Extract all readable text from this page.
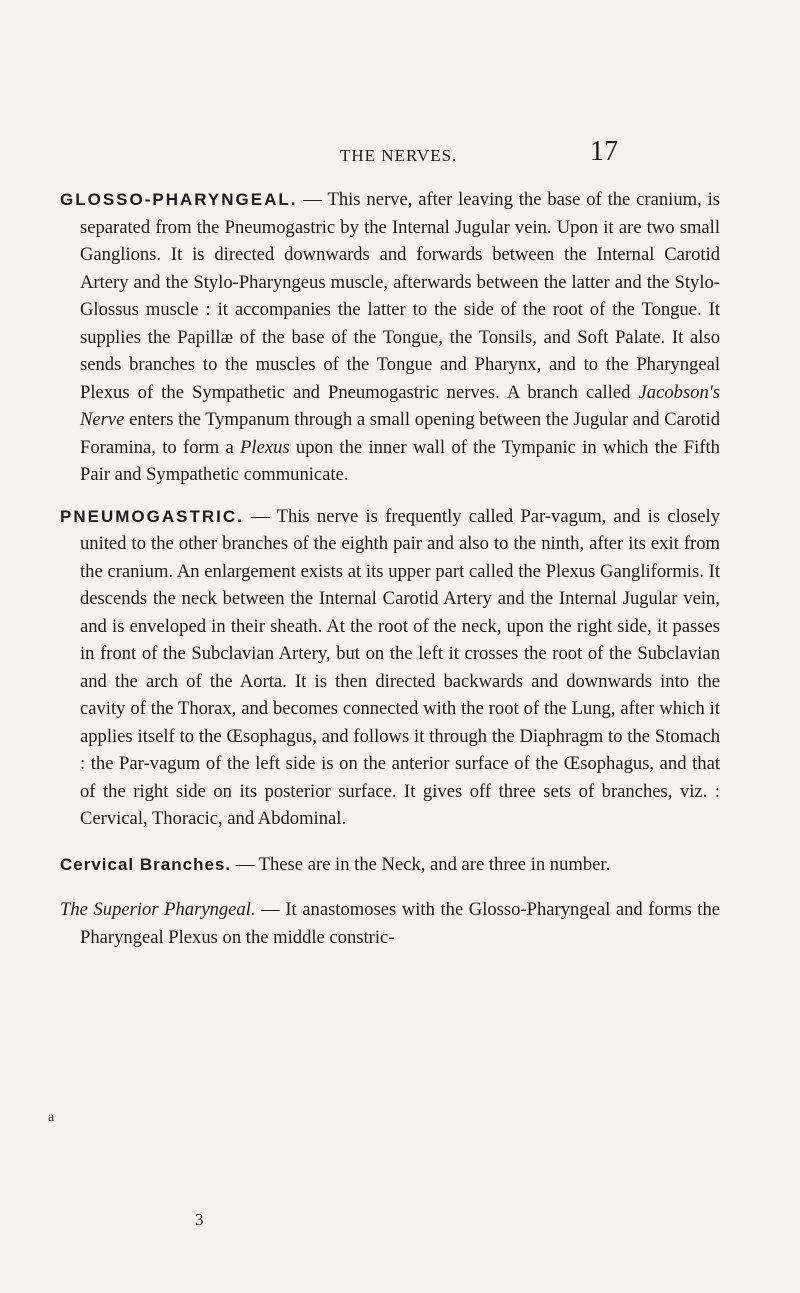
THE NERVES.	17

GLOSSO-PHARYNGEAL. — This nerve, after leaving the base of the cranium, is separated from the Pneumogastric by the Internal Jugular vein. Upon it are two small Ganglions. It is directed downwards and forwards between the Internal Carotid Artery and the Stylo-Pharyngeus muscle, afterwards between the latter and the Stylo-Glossus muscle : it accompanies the latter to the side of the root of the Tongue. It supplies the Papillæ of the base of the Tongue, the Tonsils, and Soft Palate. It also sends branches to the muscles of the Tongue and Pharynx, and to the Pharyngeal Plexus of the Sympathetic and Pneumogastric nerves. A branch called Jacobson's Nerve enters the Tympanum through a small opening between the Jugular and Carotid Foramina, to form a Plexus upon the inner wall of the Tympanic in which the Fifth Pair and Sympathetic communicate.

PNEUMOGASTRIC. — This nerve is frequently called Par-vagum, and is closely united to the other branches of the eighth pair and also to the ninth, after its exit from the cranium. An enlargement exists at its upper part called the Plexus Gangliformis. It descends the neck between the Internal Carotid Artery and the Internal Jugular vein, and is enveloped in their sheath. At the root of the neck, upon the right side, it passes in front of the Subclavian Artery, but on the left it crosses the root of the Subclavian and the arch of the Aorta. It is then directed backwards and downwards into the cavity of the Thorax, and becomes connected with the root of the Lung, after which it applies itself to the Œsophagus, and follows it through the Diaphragm to the Stomach : the Par-vagum of the left side is on the anterior surface of the Œsophagus, and that of the right side on its posterior surface. It gives off three sets of branches, viz. : Cervical, Thoracic, and Abdominal.

Cervical Branches. — These are in the Neck, and are three in number.

The Superior Pharyngeal. — It anastomoses with the Glosso-Pharyngeal and forms the Pharyngeal Plexus on the middle constric-

a
3
